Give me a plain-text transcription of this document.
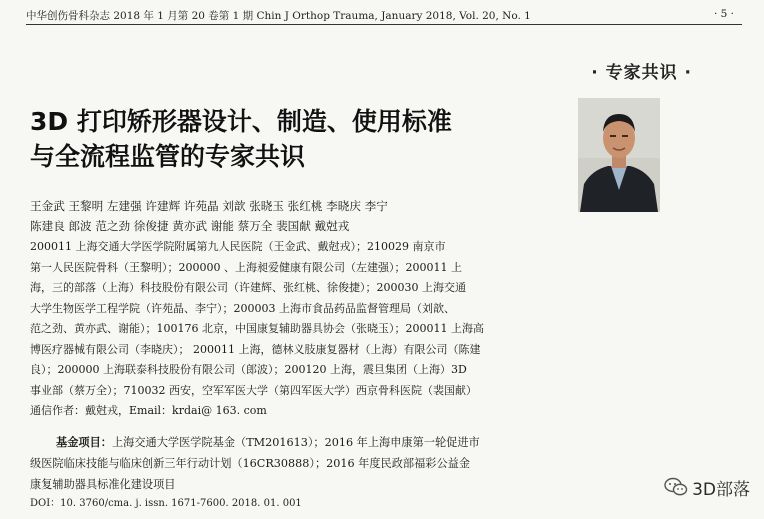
中华创伤骨科杂志 2018 年 1 月第 20 卷第 1 期 Chin J Orthop Trauma, January 2018, Vol. 20, No. 1	· 5 ·
· 专家共识 ·
3D 打印矫形器设计、制造、使用标准
与全流程监管的专家共识
王金武 王黎明 左建强 许建辉 许苑晶 刘歆 张晓玉 张红桃 李晓庆 李宁
陈建良 郎波 范之劲 徐俊捷 黄亦武 谢能 蔡万全 裴国献 戴尅戎
200011 上海交通大学医学院附属第九人民医院（王金武、戴尅戎）；210029 南京市
第一人民医院骨科（王黎明）；200000 、上海昶爱健康有限公司（左建强）；200011 上
海，三的部落（上海）科技股份有限公司（许建辉、张红桃、徐俊捷）；200030 上海交通
大学生物医学工程学院（许苑晶、李宁）；200003 上海市食品药品监督管理局（刘歆、
范之劲、黄亦武、谢能）；100176 北京，中国康复辅助器具协会（张晓玉）；200011 上海高
博医疗器械有限公司（李晓庆）； 200011 上海，德林义肢康复器材（上海）有限公司（陈建
良）；200000 上海联泰科技股份有限公司（郎波）；200120 上海，震旦集团（上海）3D
事业部（蔡万全）；710032 西安，空军军医大学（第四军医大学）西京骨科医院（裴国献）
通信作者：戴尅戎，Email：krdai@ 163. com
基金项目：上海交通大学医学院基金（TM201613）；2016 年上海申康第一轮促进市
级医院临床技能与临床创新三年行动计划（16CR30888）；2016 年度民政部福彩公益金
康复辅助器具标准化建设项目
DOI：10. 3760/cma. j. issn. 1671-7600. 2018. 01. 001
3D部落
